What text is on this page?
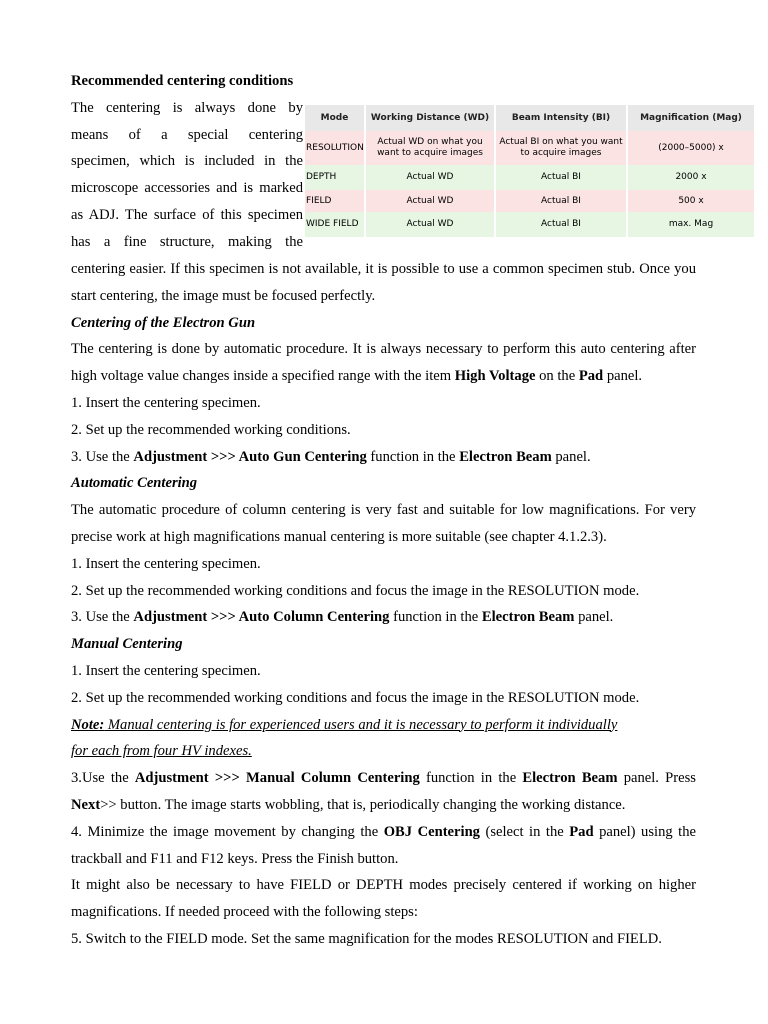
Mode	Working Distance (WD)	Beam Intensity (BI)	Magnification (Mag)
RESOLUTION	Actual WD on what you want to acquire images	Actual BI on what you want to acquire images	(2000–5000) x
DEPTH	Actual WD	Actual BI	2000 x
FIELD	Actual WD	Actual BI	500 x
WIDE FIELD	Actual WD	Actual BI	max. Mag

Recommended centering conditions

The centering is always done by

means of a special centering

specimen, which is included in the

microscope accessories and is marked

as ADJ. The surface of this specimen

has a fine structure, making the

centering easier. If this specimen is not available, it is possible to use a common specimen stub. Once you start centering, the image must be focused perfectly.

Centering of the Electron Gun

The centering is done by automatic procedure. It is always necessary to perform this auto centering after high voltage value changes inside a specified range with the item High Voltage on the Pad panel.

1. Insert the centering specimen.

2. Set up the recommended working conditions.

3. Use the Adjustment >>> Auto Gun Centering function in the Electron Beam panel.

Automatic Centering

The automatic procedure of column centering is very fast and suitable for low magnifications. For very precise work at high magnifications manual centering is more suitable (see chapter 4.1.2.3).

1. Insert the centering specimen.

2. Set up the recommended working conditions and focus the image in the RESOLUTION mode.

3. Use the Adjustment >>> Auto Column Centering function in the Electron Beam panel.

Manual Centering

1. Insert the centering specimen.

2. Set up the recommended working conditions and focus the image in the RESOLUTION mode.

Note: Manual centering is for experienced users and it is necessary to perform it individually

for each from four HV indexes.

3.Use the Adjustment >>> Manual Column Centering function in the Electron Beam panel. Press Next>> button. The image starts wobbling, that is, periodically changing the working distance.

4. Minimize the image movement by changing the OBJ Centering (select in the Pad panel) using the trackball and F11 and F12 keys. Press the Finish button.

It might also be necessary to have FIELD or DEPTH modes precisely centered if working on higher magnifications. If needed proceed with the following steps:

5. Switch to the FIELD mode. Set the same magnification for the modes RESOLUTION and FIELD.
